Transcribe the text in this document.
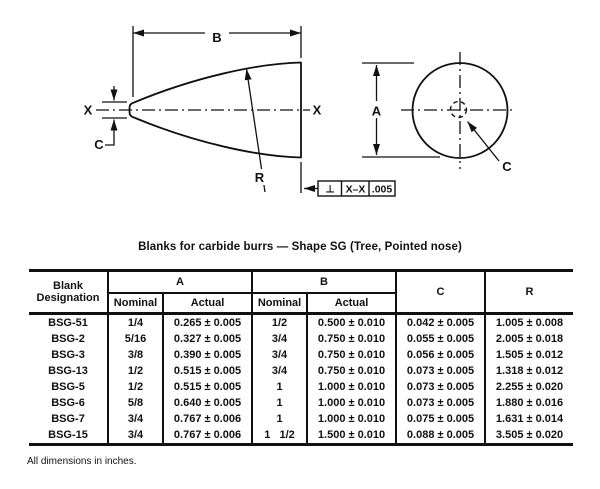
B
X	X
C
R
⊥ X–X .005
A
C
Blanks for carbide burrs — Shape SG (Tree, Pointed nose)
Blank
Designation	A		B		C	R
	Nominal	Actual	Nominal	Actual		
BSG-51	1/4	0.265 ± 0.005	1/2	0.500 ± 0.010	0.042 ± 0.005	1.005 ± 0.008
BSG-2	5/16	0.327 ± 0.005	3/4	0.750 ± 0.010	0.055 ± 0.005	2.005 ± 0.018
BSG-3	3/8	0.390 ± 0.005	3/4	0.750 ± 0.010	0.056 ± 0.005	1.505 ± 0.012
BSG-13	1/2	0.515 ± 0.005	3/4	0.750 ± 0.010	0.073 ± 0.005	1.318 ± 0.012
BSG-5	1/2	0.515 ± 0.005	1	1.000 ± 0.010	0.073 ± 0.005	2.255 ± 0.020
BSG-6	5/8	0.640 ± 0.005	1	1.000 ± 0.010	0.073 ± 0.005	1.880 ± 0.016
BSG-7	3/4	0.767 ± 0.006	1	1.000 ± 0.010	0.075 ± 0.005	1.631 ± 0.014
BSG-15	3/4	0.767 ± 0.006	1   1/2	1.500 ± 0.010	0.088 ± 0.005	3.505 ± 0.020
All dimensions in inches.
